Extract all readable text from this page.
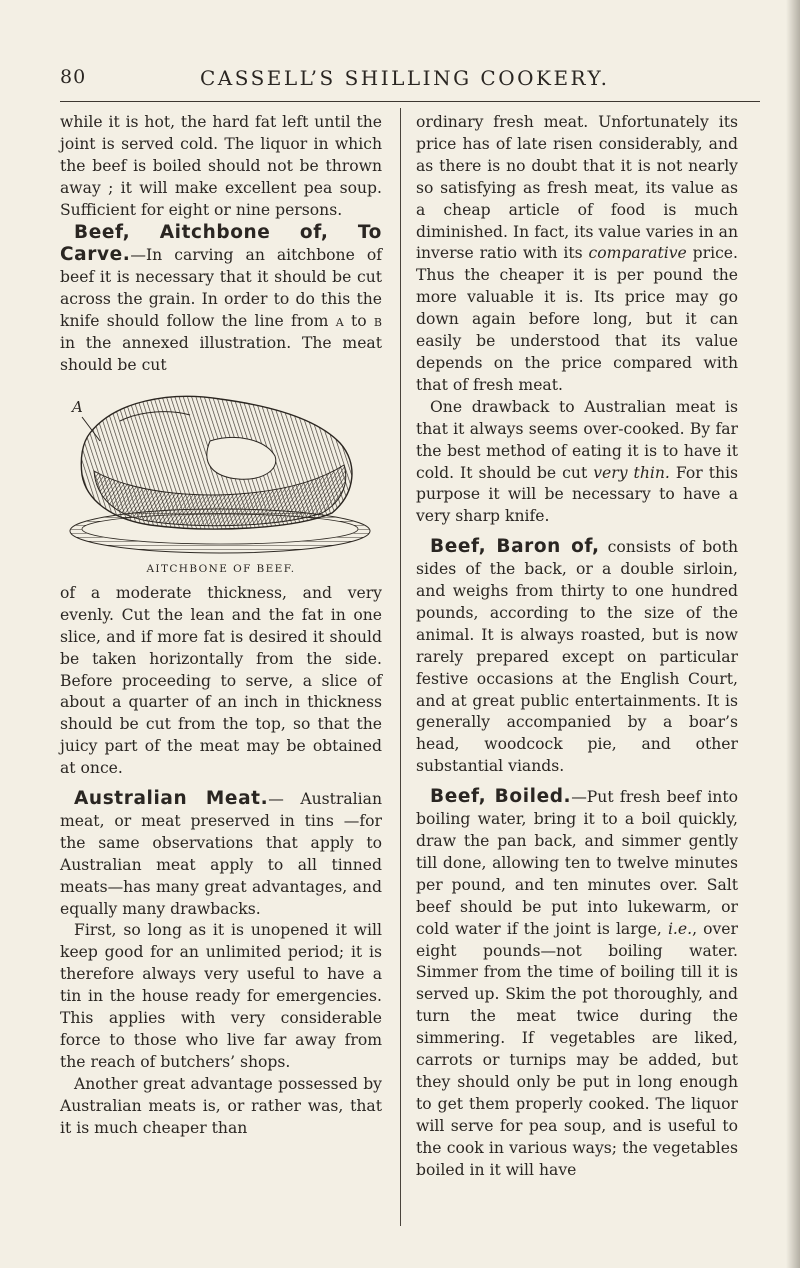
80	CASSELL’S SHILLING COOKERY.

while it is hot, the hard fat left until the joint is served cold. The liquor in which the beef is boiled should not be thrown away ; it will make excellent pea soup. Sufficient for eight or nine persons.

Beef, Aitchbone of, To Carve.—In carving an aitchbone of beef it is necessary that it should be cut across the grain. In order to do this the knife should follow the line from a to b in the annexed illustration. The meat should be cut

A
AITCHBONE OF BEEF.

of a moderate thickness, and very evenly. Cut the lean and the fat in one slice, and if more fat is desired it should be taken horizontally from the side. Before proceeding to serve, a slice of about a quarter of an inch in thickness should be cut from the top, so that the juicy part of the meat may be obtained at once.

Australian Meat.— Australian meat, or meat preserved in tins —for the same observations that apply to Australian meat apply to all tinned meats—has many great advantages, and equally many drawbacks.

First, so long as it is unopened it will keep good for an unlimited period; it is therefore always very useful to have a tin in the house ready for emergencies. This applies with very considerable force to those who live far away from the reach of butchers’ shops.

Another great advantage possessed by Australian meats is, or rather was, that it is much cheaper than

ordinary fresh meat. Unfortunately its price has of late risen considerably, and as there is no doubt that it is not nearly so satisfying as fresh meat, its value as a cheap article of food is much diminished. In fact, its value varies in an inverse ratio with its comparative price. Thus the cheaper it is per pound the more valuable it is. Its price may go down again before long, but it can easily be understood that its value depends on the price compared with that of fresh meat.

One drawback to Australian meat is that it always seems over-cooked. By far the best method of eating it is to have it cold. It should be cut very thin. For this purpose it will be necessary to have a very sharp knife.

Beef, Baron of, consists of both sides of the back, or a double sirloin, and weighs from thirty to one hundred pounds, according to the size of the animal. It is always roasted, but is now rarely prepared except on particular festive occasions at the English Court, and at great public entertainments. It is generally accompanied by a boar’s head, woodcock pie, and other substantial viands.

Beef, Boiled.—Put fresh beef into boiling water, bring it to a boil quickly, draw the pan back, and simmer gently till done, allowing ten to twelve minutes per pound, and ten minutes over. Salt beef should be put into lukewarm, or cold water if the joint is large, i.e., over eight pounds—not boiling water. Simmer from the time of boiling till it is served up. Skim the pot thoroughly, and turn the meat twice during the simmering. If vegetables are liked, carrots or turnips may be added, but they should only be put in long enough to get them properly cooked. The liquor will serve for pea soup, and is useful to the cook in various ways; the vegetables boiled in it will have
